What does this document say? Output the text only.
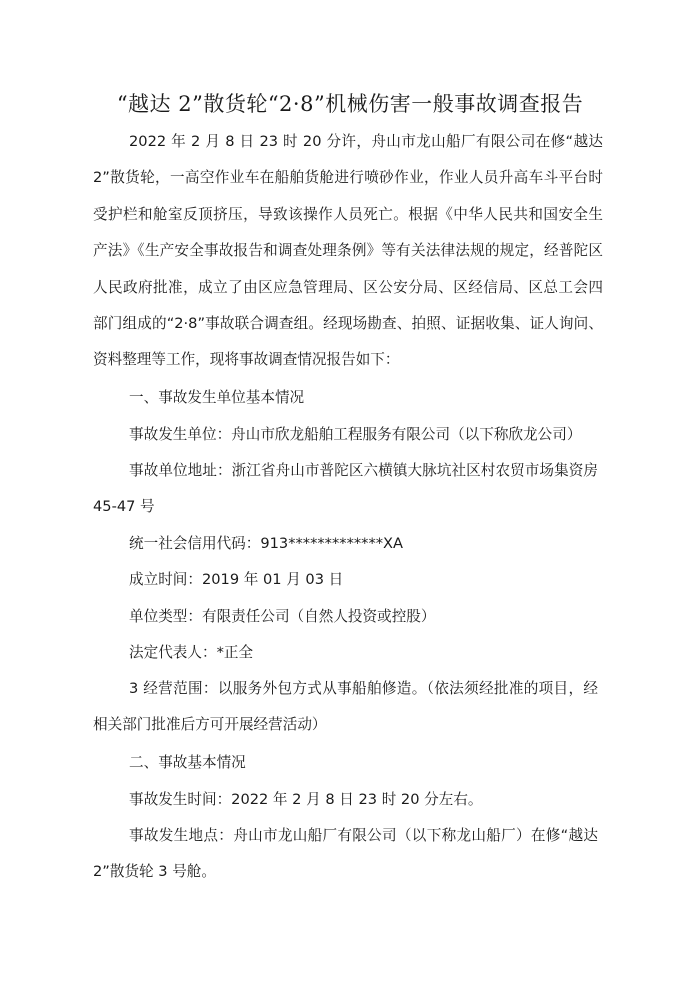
“越达 2”散货轮“2·8”机械伤害一般事故调查报告

2022 年 2 月 8 日 23 时 20 分许，舟山市龙山船厂有限公司在修“越达 2”散货轮，一高空作业车在船舶货舱进行喷砂作业，作业人员升高车斗平台时受护栏和舱室反顶挤压，导致该操作人员死亡。根据《中华人民共和国安全生产法》《生产安全事故报告和调查处理条例》等有关法律法规的规定，经普陀区人民政府批准，成立了由区应急管理局、区公安分局、区经信局、区总工会四部门组成的“2·8”事故联合调查组。经现场勘查、拍照、证据收集、证人询问、资料整理等工作，现将事故调查情况报告如下：

一、事故发生单位基本情况

事故发生单位：舟山市欣龙船舶工程服务有限公司（以下称欣龙公司）

事故单位地址：浙江省舟山市普陀区六横镇大脉坑社区村农贸市场集资房 45-47 号

统一社会信用代码：913*************XA

成立时间：2019 年 01 月 03 日

单位类型：有限责任公司（自然人投资或控股）

法定代表人：*正全

3 经营范围：以服务外包方式从事船舶修造。（依法须经批准的项目，经相关部门批准后方可开展经营活动）

二、事故基本情况

事故发生时间：2022 年 2 月 8 日 23 时 20 分左右。

事故发生地点：舟山市龙山船厂有限公司（以下称龙山船厂）在修“越达 2”散货轮 3 号舱。
